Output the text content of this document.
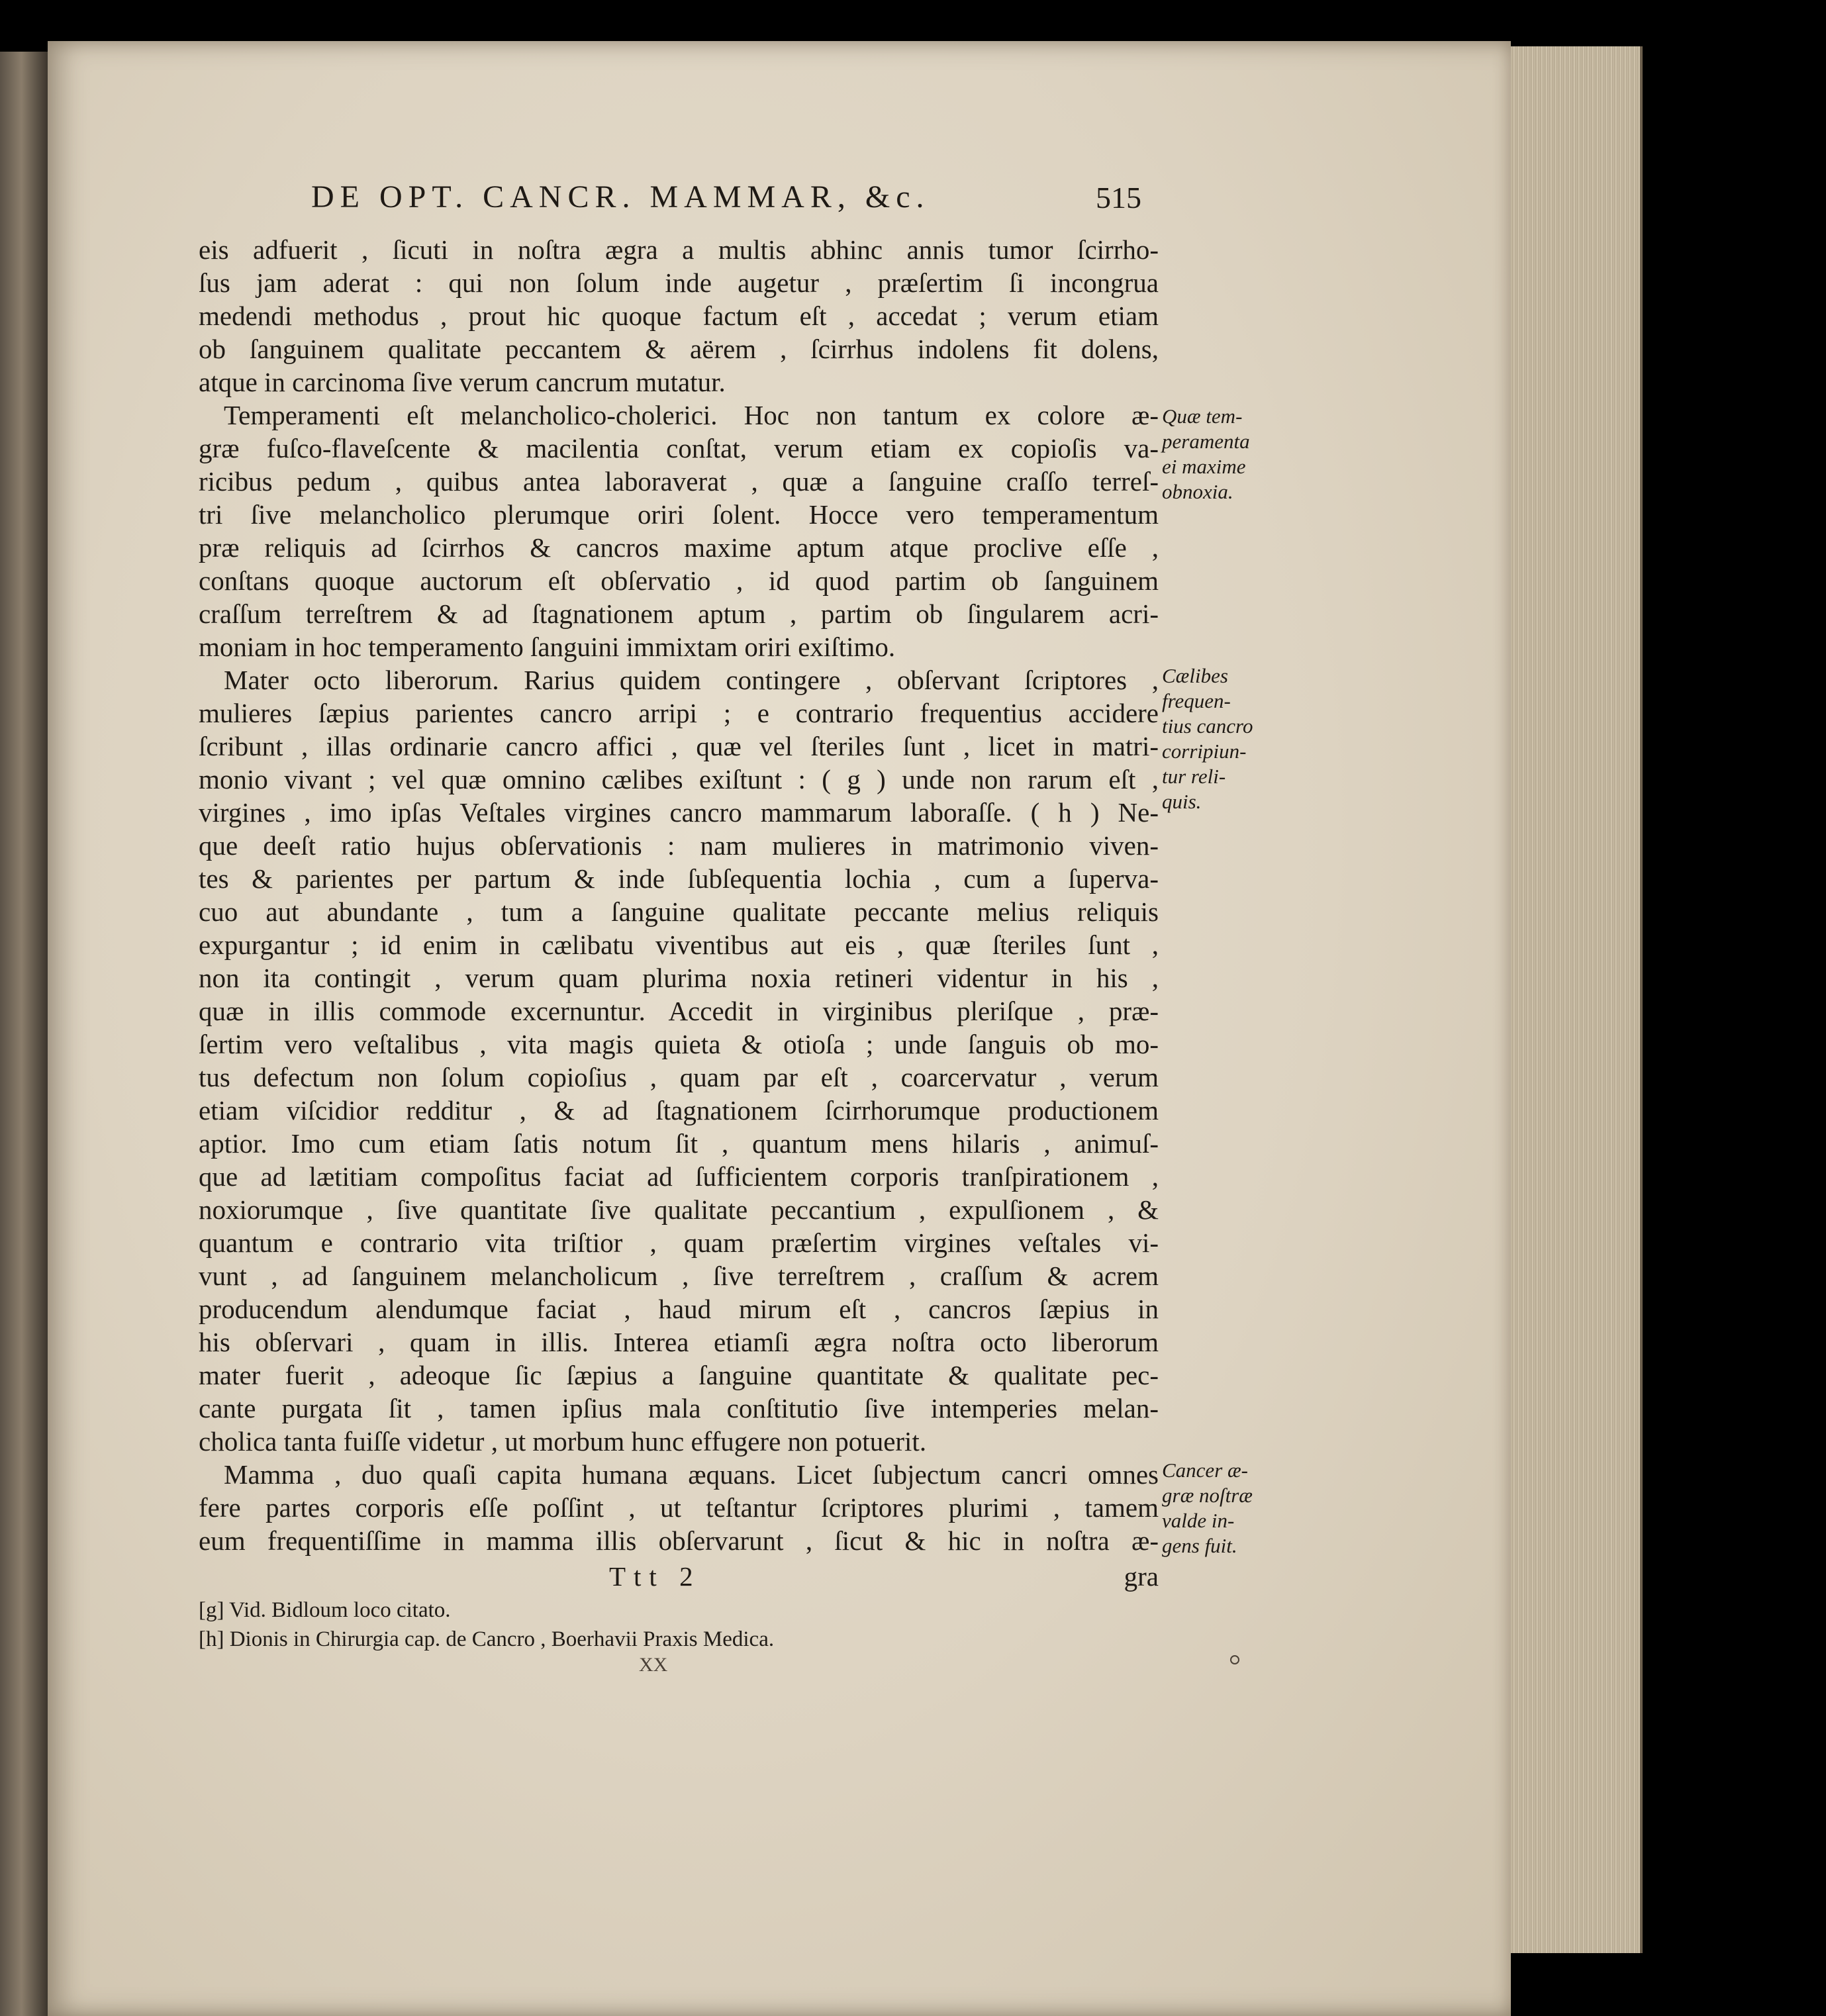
DE OPT. CANCR. MAMMAR, &c.	515
eis adfuerit , ſicuti in noſtra ægra a multis abhinc annis tumor ſcirrho-
ſus jam aderat : qui non ſolum inde augetur , præſertim ſi incongrua
medendi methodus , prout hic quoque factum eſt , accedat ; verum etiam
ob ſanguinem qualitate peccantem & aërem , ſcirrhus indolens fit dolens,
atque in carcinoma ſive verum cancrum mutatur.
Temperamenti eſt melancholico-cholerici. Hoc non tantum ex colore æ-
græ fuſco-flaveſcente & macilentia conſtat, verum etiam ex copioſis va-
ricibus pedum , quibus antea laboraverat , quæ a ſanguine craſſo terreſ-
tri ſive melancholico plerumque oriri ſolent. Hocce vero temperamentum
præ reliquis ad ſcirrhos & cancros maxime aptum atque proclive eſſe ,
conſtans quoque auctorum eſt obſervatio , id quod partim ob ſanguinem
craſſum terreſtrem & ad ſtagnationem aptum , partim ob ſingularem acri-
moniam in hoc temperamento ſanguini immixtam oriri exiſtimo.
Mater octo liberorum. Rarius quidem contingere , obſervant ſcriptores ,
mulieres ſæpius parientes cancro arripi ; e contrario frequentius accidere
ſcribunt , illas ordinarie cancro affici , quæ vel ſteriles ſunt , licet in matri-
monio vivant ; vel quæ omnino cælibes exiſtunt : ( g ) unde non rarum eſt ,
virgines , imo ipſas Veſtales virgines cancro mammarum laboraſſe. ( h ) Ne-
que deeſt ratio hujus obſervationis : nam mulieres in matrimonio viven-
tes & parientes per partum & inde ſubſequentia lochia , cum a ſuperva-
cuo aut abundante , tum a ſanguine qualitate peccante melius reliquis
expurgantur ; id enim in cælibatu viventibus aut eis , quæ ſteriles ſunt ,
non ita contingit , verum quam plurima noxia retineri videntur in his ,
quæ in illis commode excernuntur. Accedit in virginibus pleriſque , præ-
ſertim vero veſtalibus , vita magis quieta & otioſa ; unde ſanguis ob mo-
tus defectum non ſolum copioſius , quam par eſt , coarcervatur , verum
etiam viſcidior redditur , & ad ſtagnationem ſcirrhorumque productionem
aptior. Imo cum etiam ſatis notum ſit , quantum mens hilaris , animuſ-
que ad lætitiam compoſitus faciat ad ſufficientem corporis tranſpirationem ,
noxiorumque , ſive quantitate ſive qualitate peccantium , expulſionem , &
quantum e contrario vita triſtior , quam præſertim virgines veſtales vi-
vunt , ad ſanguinem melancholicum , ſive terreſtrem , craſſum & acrem
producendum alendumque faciat , haud mirum eſt , cancros ſæpius in
his obſervari , quam in illis. Interea etiamſi ægra noſtra octo liberorum
mater fuerit , adeoque ſic ſæpius a ſanguine quantitate & qualitate pec-
cante purgata ſit , tamen ipſius mala conſtitutio ſive intemperies melan-
cholica tanta fuiſſe videtur , ut morbum hunc effugere non potuerit.
Mamma , duo quaſi capita humana æquans. Licet ſubjectum cancri omnes
fere partes corporis eſſe poſſint , ut teſtantur ſcriptores plurimi , tamem
eum frequentiſſime in mamma illis obſervarunt , ſicut & hic in noſtra æ-
Quæ tem-
peramenta
ei maxime
obnoxia.
Cælibes
frequen-
tius cancro
corripiun-
tur reli-
quis.
Cancer æ-
græ noſtræ
valde in-
gens fuit.
Ttt 2	gra
[g] Vid. Bidloum loco citato.
[h] Dionis in Chirurgia cap. de Cancro , Boerhavii Praxis Medica.
XX
